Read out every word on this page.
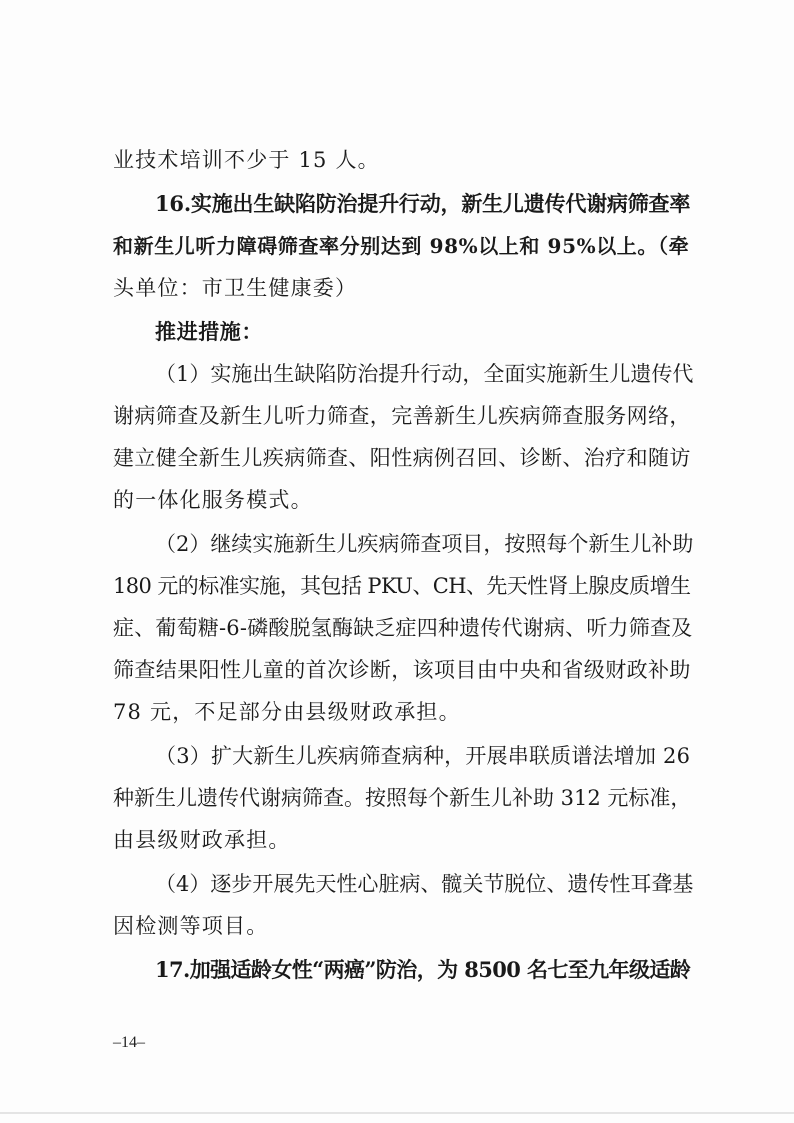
业技术培训不少于 15 人。
16.实施出生缺陷防治提升行动，新生儿遗传代谢病筛查率
和新生儿听力障碍筛查率分别达到 98%以上和 95%以上。（牵
头单位：市卫生健康委）
推进措施：
（1）实施出生缺陷防治提升行动，全面实施新生儿遗传代
谢病筛查及新生儿听力筛查，完善新生儿疾病筛查服务网络，
建立健全新生儿疾病筛查、阳性病例召回、诊断、治疗和随访
的一体化服务模式。
（2）继续实施新生儿疾病筛查项目，按照每个新生儿补助
180 元的标准实施，其包括 PKU、CH、先天性肾上腺皮质增生
症、葡萄糖-6-磷酸脱氢酶缺乏症四种遗传代谢病、听力筛查及
筛查结果阳性儿童的首次诊断，该项目由中央和省级财政补助
78 元，不足部分由县级财政承担。
（3）扩大新生儿疾病筛查病种，开展串联质谱法增加 26
种新生儿遗传代谢病筛查。按照每个新生儿补助 312 元标准，
由县级财政承担。
（4）逐步开展先天性心脏病、髋关节脱位、遗传性耳聋基
因检测等项目。
17.加强适龄女性“两癌”防治，为 8500 名七至九年级适龄
–14–
